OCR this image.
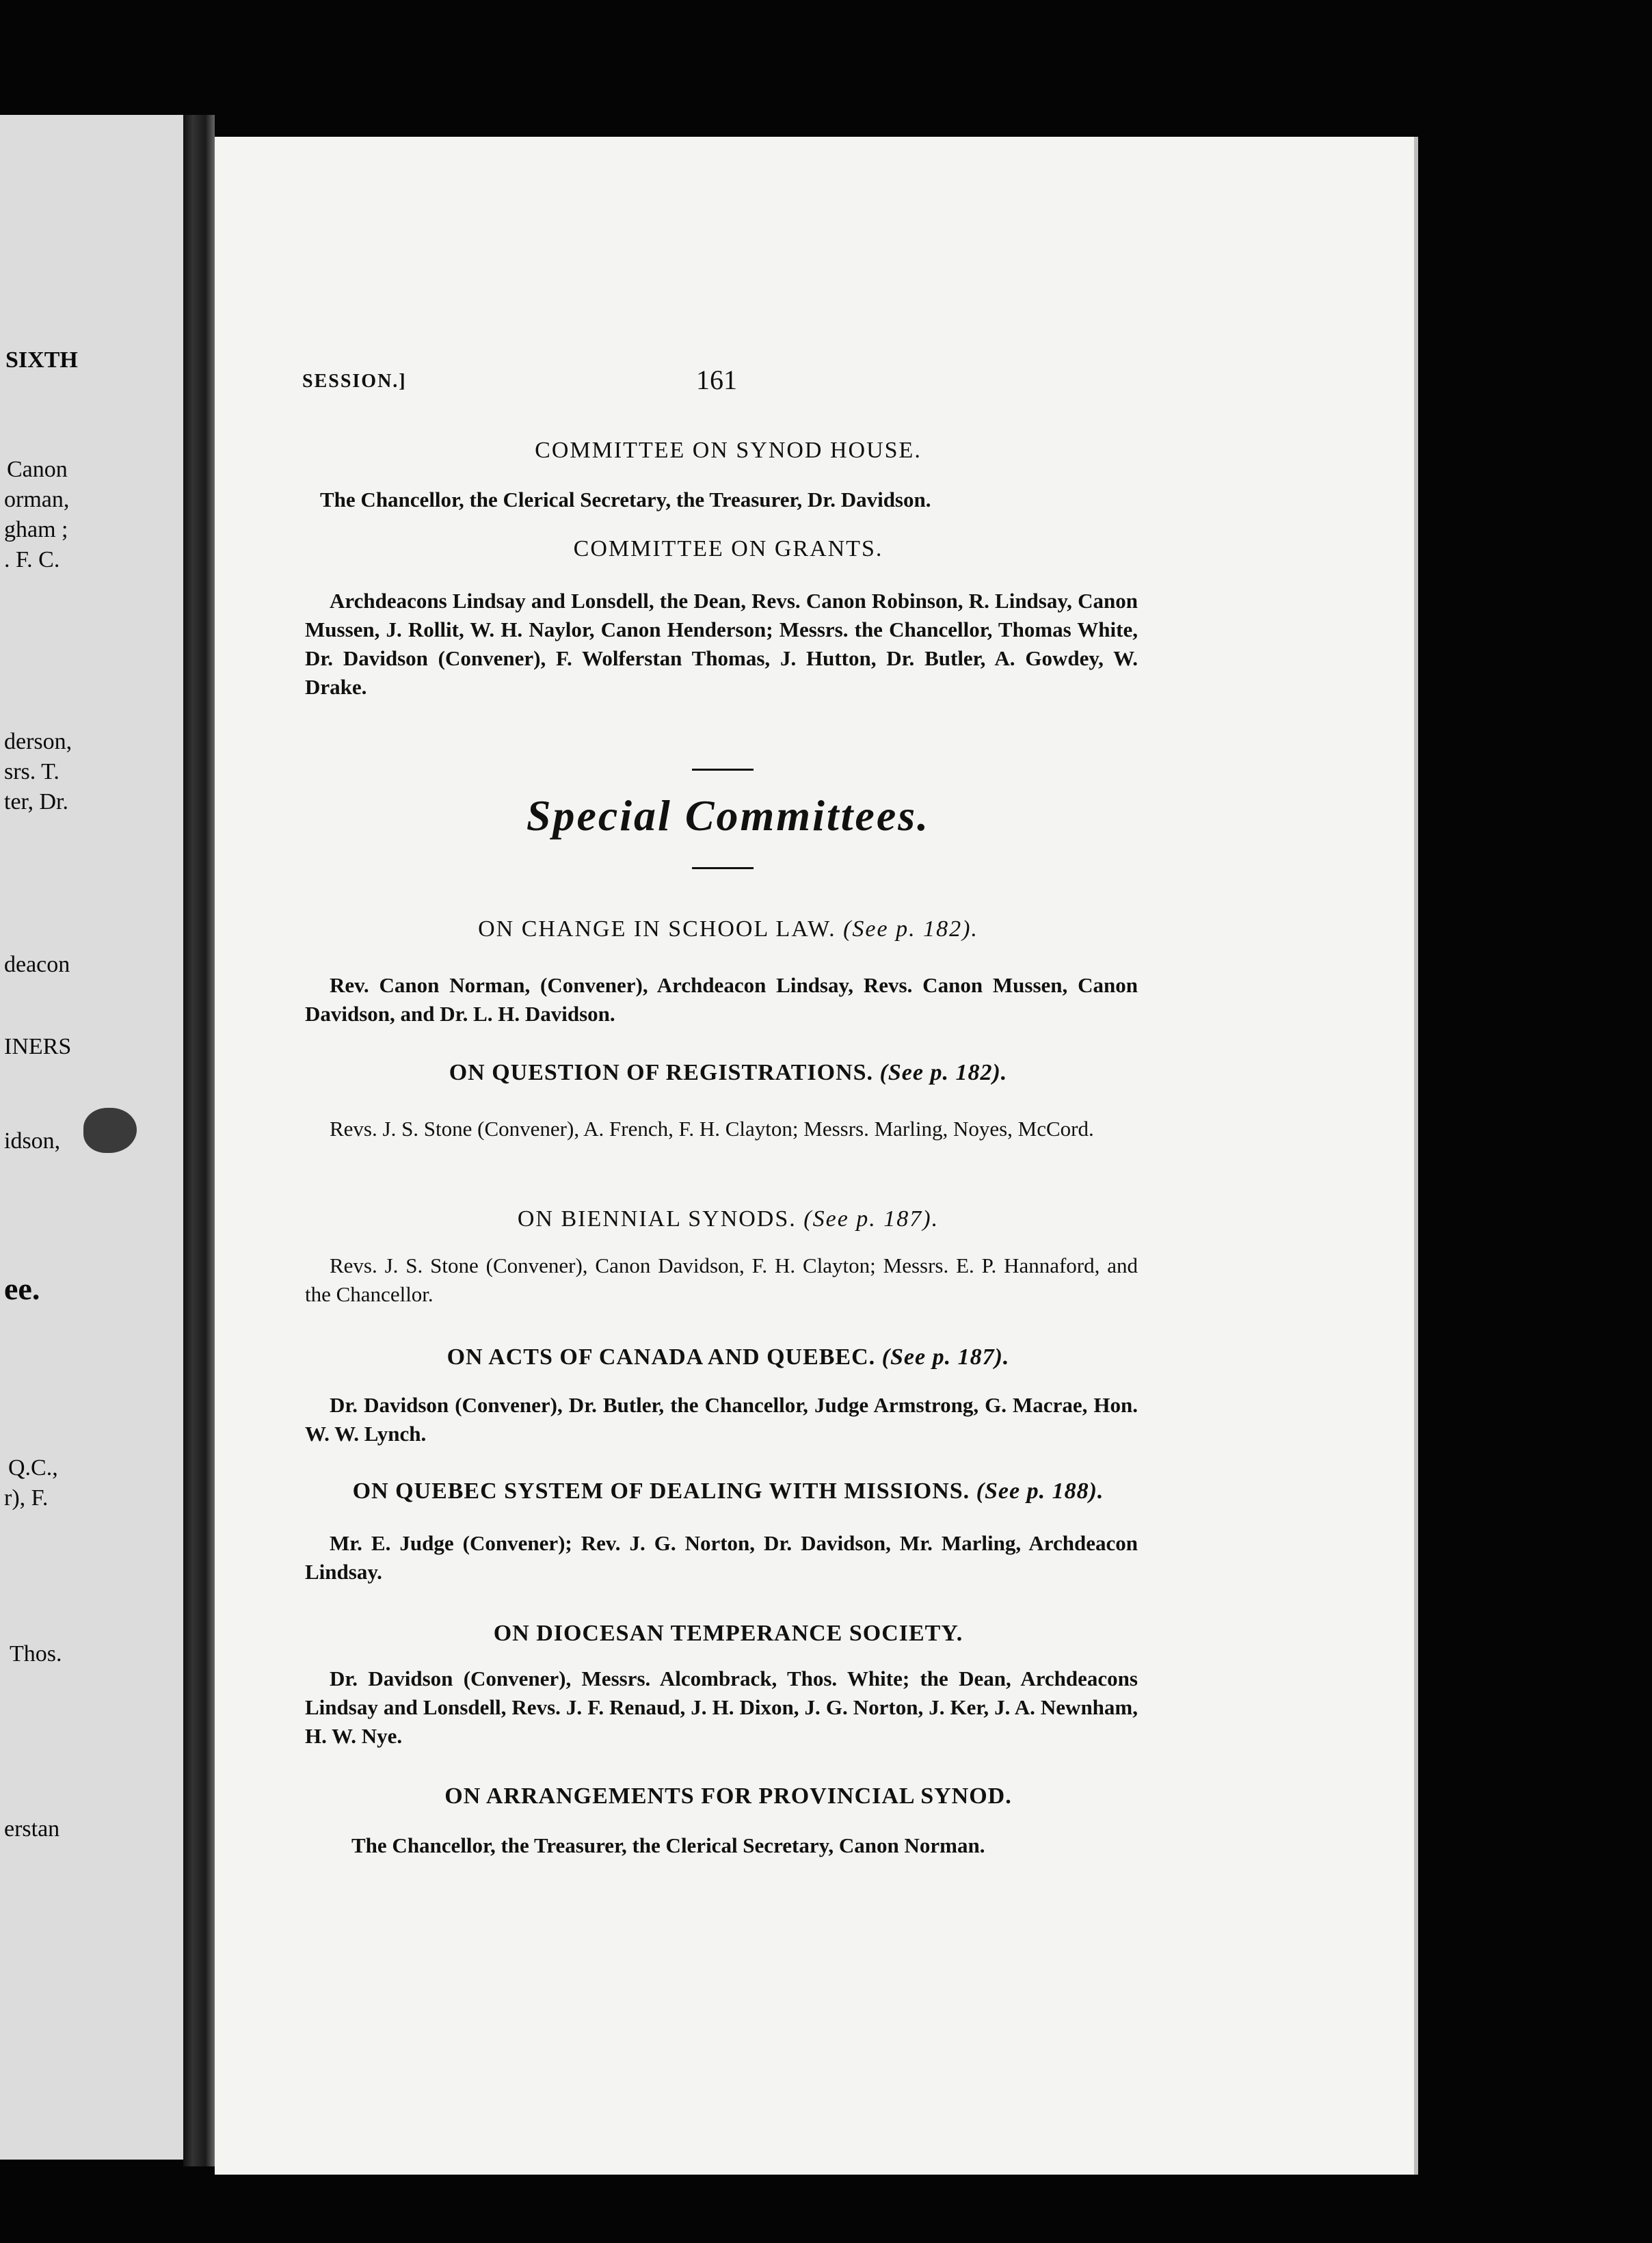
SIXTH
Canon
orman,
gham ;
. F. C.
derson,
srs. T.
ter, Dr.
deacon
INERS
idson,
ee.
Q.C.,
r), F.
Thos.
erstan
SESSION.]	161
COMMITTEE ON SYNOD HOUSE.
The Chancellor, the Clerical Secretary, the Treasurer, Dr. Davidson.
COMMITTEE ON GRANTS.
Archdeacons Lindsay and Lonsdell, the Dean, Revs. Canon Robinson, R. Lindsay, Canon Mussen, J. Rollit, W. H. Naylor, Canon Henderson; Messrs. the Chancellor, Thomas White, Dr. Davidson (Convener), F. Wolferstan Thomas, J. Hutton, Dr. Butler, A. Gowdey, W. Drake.
Special Committees.
ON CHANGE IN SCHOOL LAW. (See p. 182).
Rev. Canon Norman, (Convener), Archdeacon Lindsay, Revs. Canon Mussen, Canon Davidson, and Dr. L. H. Davidson.
ON QUESTION OF REGISTRATIONS. (See p. 182).
Revs. J. S. Stone (Convener), A. French, F. H. Clayton; Messrs. Marling, Noyes, McCord.
ON BIENNIAL SYNODS. (See p. 187).
Revs. J. S. Stone (Convener), Canon Davidson, F. H. Clayton; Messrs. E. P. Hannaford, and the Chancellor.
ON ACTS OF CANADA AND QUEBEC. (See p. 187).
Dr. Davidson (Convener), Dr. Butler, the Chancellor, Judge Armstrong, G. Macrae, Hon. W. W. Lynch.
ON QUEBEC SYSTEM OF DEALING WITH MISSIONS. (See p. 188).
Mr. E. Judge (Convener); Rev. J. G. Norton, Dr. Davidson, Mr. Marling, Archdeacon Lindsay.
ON DIOCESAN TEMPERANCE SOCIETY.
Dr. Davidson (Convener), Messrs. Alcombrack, Thos. White; the Dean, Archdeacons Lindsay and Lonsdell, Revs. J. F. Renaud, J. H. Dixon, J. G. Norton, J. Ker, J. A. Newnham, H. W. Nye.
ON ARRANGEMENTS FOR PROVINCIAL SYNOD.
The Chancellor, the Treasurer, the Clerical Secretary, Canon Norman.
